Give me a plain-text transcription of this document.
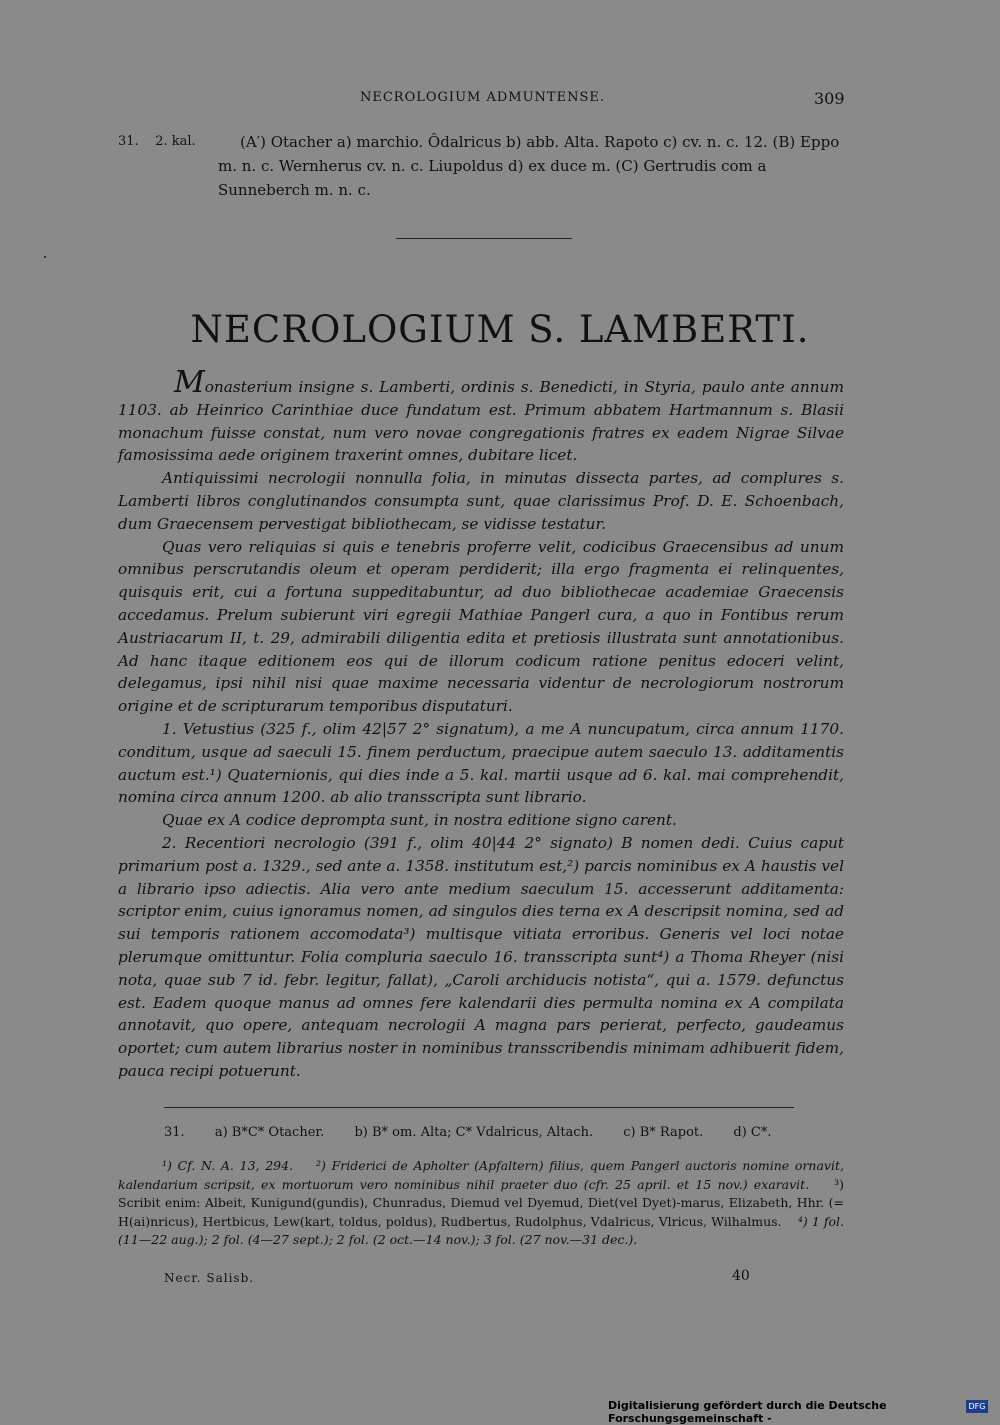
NECROLOGIUM ADMUNTENSE.	309
31. 2. kal.	(A′) Otacher a) marchio. Ôdalricus b) abb. Alta. Rapoto c) cv. n. c. 12. (B) Eppo
m. n. c. Wernherus cv. n. c. Liupoldus d) ex duce m. (C) Gertrudis com a
Sunneberch m. n. c.
NECROLOGIUM S. LAMBERTI.

Monasterium insigne s. Lamberti, ordinis s. Benedicti, in Styria, paulo ante annum 1103. ab Heinrico Carinthiae duce fundatum est. Primum abbatem Hartmannum s. Blasii monachum fuisse constat, num vero novae congregationis fratres ex eadem Nigrae Silvae famosissima aede originem traxerint omnes, dubitare licet.

Antiquissimi necrologii nonnulla folia, in minutas dissecta partes, ad complures s. Lamberti libros conglutinandos consumpta sunt, quae clarissimus Prof. D. E. Schoenbach, dum Graecensem pervestigat bibliothecam, se vidisse testatur.

Quas vero reliquias si quis e tenebris proferre velit, codicibus Graecensibus ad unum omnibus perscrutandis oleum et operam perdiderit; illa ergo fragmenta ei relinquentes, quisquis erit, cui a fortuna suppeditabuntur, ad duo bibliothecae academiae Graecensis accedamus. Prelum subierunt viri egregii Mathiae Pangerl cura, a quo in Fontibus rerum Austriacarum II, t. 29, admirabili diligentia edita et pretiosis illustrata sunt annotationibus. Ad hanc itaque editionem eos qui de illorum codicum ratione penitus edoceri velint, delegamus, ipsi nihil nisi quae maxime necessaria videntur de necrologiorum nostrorum origine et de scripturarum temporibus disputaturi.

1. Vetustius (325 f., olim 42|57 2° signatum), a me A nuncupatum, circa annum 1170. conditum, usque ad saeculi 15. finem perductum, praecipue autem saeculo 13. additamentis auctum est.¹) Quaternionis, qui dies inde a 5. kal. martii usque ad 6. kal. mai comprehendit, nomina circa annum 1200. ab alio transscripta sunt librario.

Quae ex A codice deprompta sunt, in nostra editione signo carent.

2. Recentiori necrologio (391 f., olim 40|44 2° signato) B nomen dedi. Cuius caput primarium post a. 1329., sed ante a. 1358. institutum est,²) parcis nominibus ex A haustis vel a librario ipso adiectis. Alia vero ante medium saeculum 15. accesserunt additamenta: scriptor enim, cuius ignoramus nomen, ad singulos dies terna ex A descripsit nomina, sed ad sui temporis rationem accomodata³) multisque vitiata erroribus. Generis vel loci notae plerumque omittuntur. Folia compluria saeculo 16. transscripta sunt⁴) a Thoma Rheyer (nisi nota, quae sub 7 id. febr. legitur, fallat), „Caroli archiducis notista“, qui a. 1579. defunctus est. Eadem quoque manus ad omnes fere kalendarii dies permulta nomina ex A compilata annotavit, quo opere, antequam necrologii A magna pars perierat, perfecto, gaudeamus oportet; cum autem librarius noster in nominibus transscribendis minimam adhibuerit fidem, pauca recipi potuerunt.

31. a) B*C* Otacher. b) B* om. Alta; C* Vdalricus, Altach. c) B* Rapot. d) C*.

¹) Cf. N. A. 13, 294. ²) Friderici de Apholter (Apfaltern) filius, quem Pangerl auctoris nomine ornavit, kalendarium scripsit, ex mortuorum vero nominibus nihil praeter duo (cfr. 25 april. et 15 nov.) exaravit. ³) Scribit enim: Albeit, Kunigund(gundis), Chunradus, Diemud vel Dyemud, Diet(vel Dyet)-marus, Elizabeth, Hhr. (= H(ai)nricus), Hertbicus, Lew(kart, toldus, poldus), Rudbertus, Rudolphus, Vdalricus, Vlricus, Wilhalmus. ⁴) 1 fol. (11—22 aug.); 2 fol. (4—27 sept.); 2 fol. (2 oct.—14 nov.); 3 fol. (27 nov.—31 dec.).

Necr. Salisb.	40
Digitalisierung gefördert durch die Deutsche Forschungsgemeinschaft -
DFG
